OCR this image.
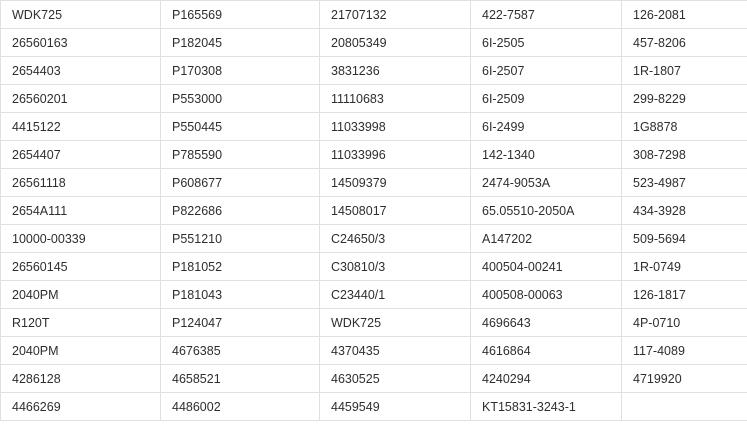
WDK725	P165569	21707132	422-7587	126-2081
26560163	P182045	20805349	6I-2505	457-8206
2654403	P170308	3831236	6I-2507	1R-1807
26560201	P553000	11110683	6I-2509	299-8229
4415122	P550445	11033998	6I-2499	1G8878
2654407	P785590	11033996	142-1340	308-7298
26561118	P608677	14509379	2474-9053A	523-4987
2654A111	P822686	14508017	65.05510-2050A	434-3928
10000-00339	P551210	C24650/3	A147202	509-5694
26560145	P181052	C30810/3	400504-00241	1R-0749
2040PM	P181043	C23440/1	400508-00063	126-1817
R120T	P124047	WDK725	4696643	4P-0710
2040PM	4676385	4370435	4616864	117-4089
4286128	4658521	4630525	4240294	4719920
4466269	4486002	4459549	KT15831-3243-1	
